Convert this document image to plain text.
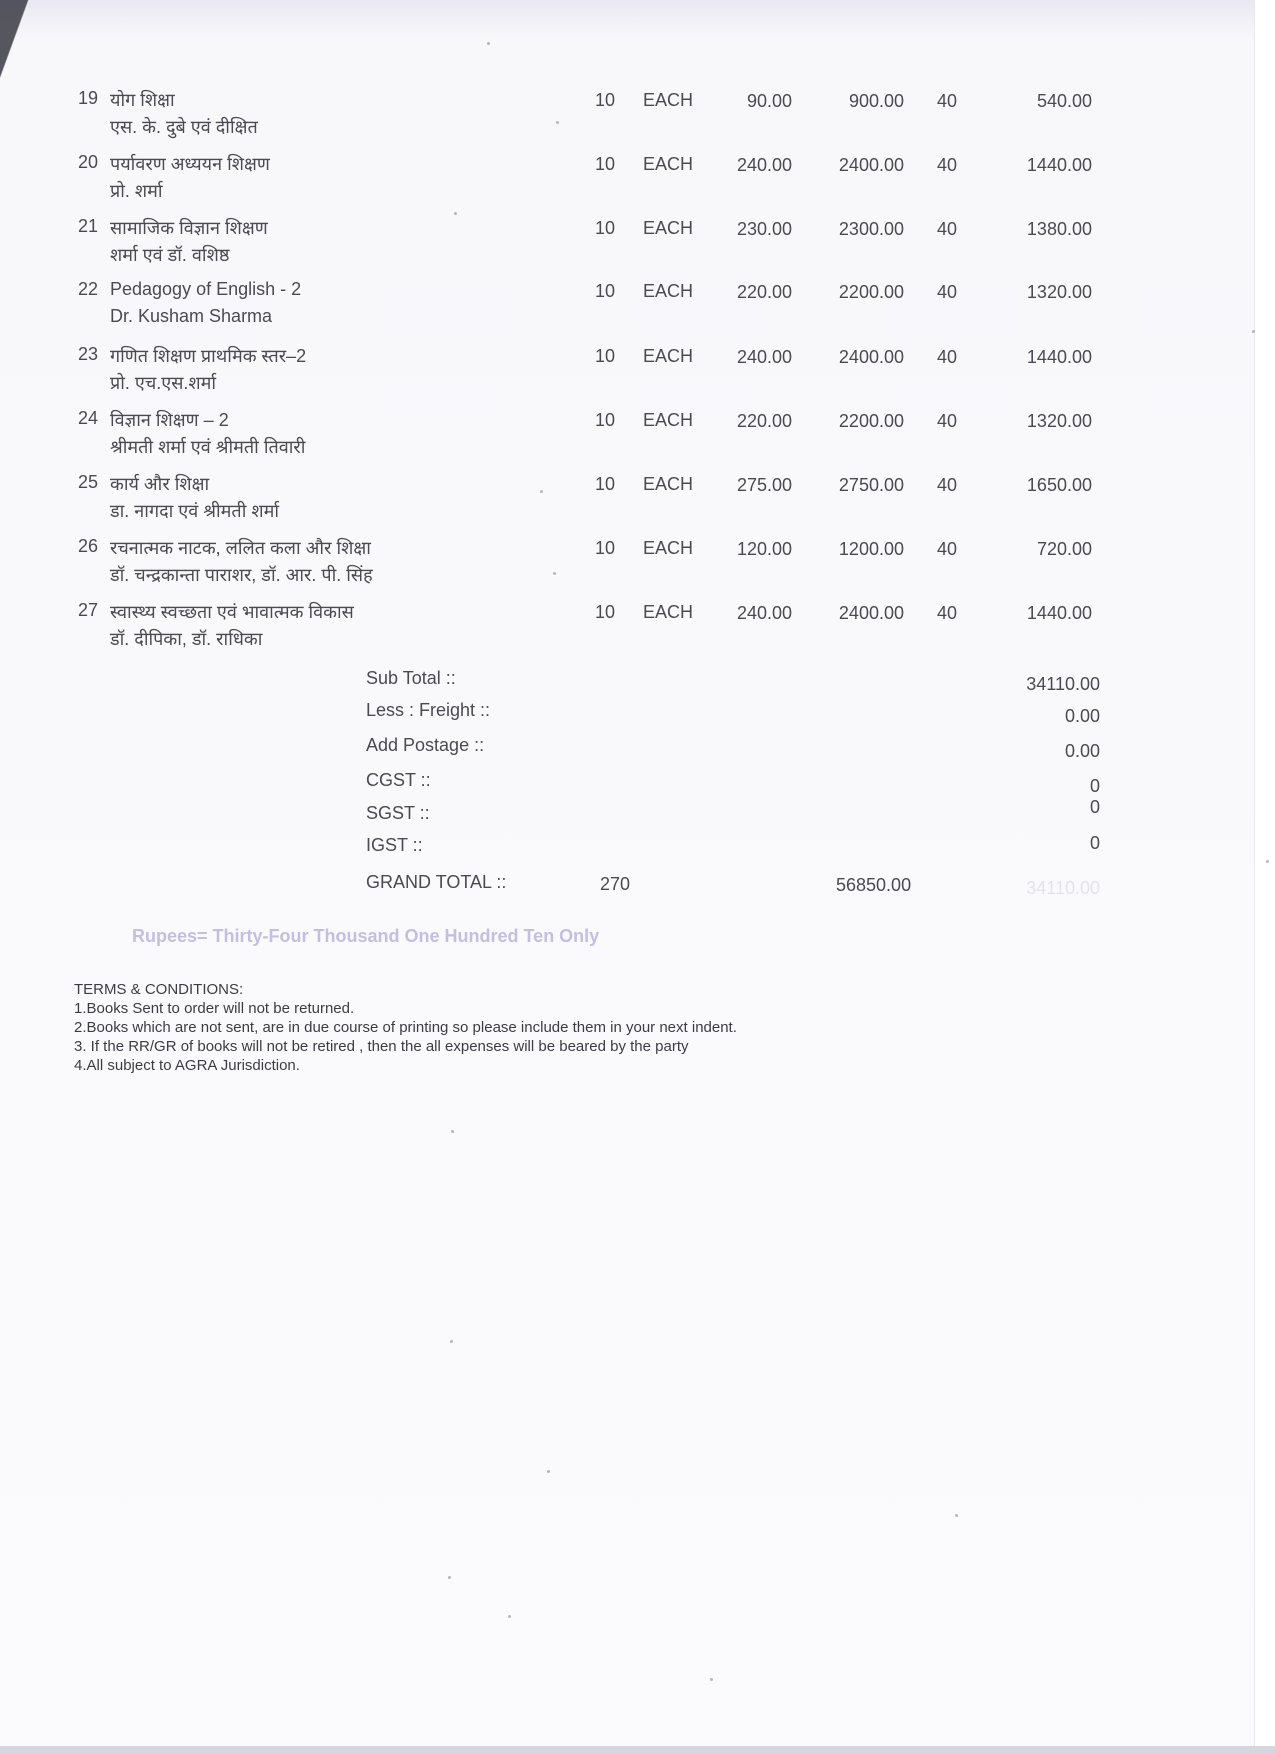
19 योग शिक्षा
एस. के. दुबे एवं दीक्षित
10 EACH	90.00	900.00 40	540.00
20 पर्यावरण अध्ययन शिक्षण
प्रो. शर्मा
10 EACH	240.00	2400.00 40	1440.00
21 सामाजिक विज्ञान शिक्षण
शर्मा एवं डॉ. वशिष्ठ
10 EACH	230.00	2300.00 40	1380.00
22 Pedagogy of English - 2
Dr. Kusham Sharma
10 EACH	220.00	2200.00 40	1320.00
23 गणित शिक्षण प्राथमिक स्तर–2
प्रो. एच.एस.शर्मा
10 EACH	240.00	2400.00 40	1440.00
24 विज्ञान शिक्षण – 2
श्रीमती शर्मा एवं श्रीमती तिवारी
10 EACH	220.00	2200.00 40	1320.00
25 कार्य और शिक्षा
डा. नागदा एवं श्रीमती शर्मा
10 EACH	275.00	2750.00 40	1650.00
26 रचनात्मक नाटक, ललित कला और शिक्षा
डॉ. चन्द्रकान्ता पाराशर, डॉ. आर. पी. सिंह
10 EACH	120.00	1200.00 40	720.00
27 स्वास्थ्य स्वच्छता एवं भावात्मक विकास
डॉ. दीपिका, डॉ. राधिका
10 EACH	240.00	2400.00 40	1440.00
Sub Total ::	34110.00
Less : Freight ::	0.00
Add Postage ::	0.00
CGST ::	0
SGST ::	0
IGST ::	0
GRAND TOTAL ::	270	56850.00	34110.00
Rupees= Thirty-Four Thousand One Hundred Ten Only
TERMS & CONDITIONS:
1.Books Sent to order will not be returned.
2.Books which are not sent, are in due course of printing so please include them in your next indent.
3. If the RR/GR of books will not be retired , then the all expenses will be beared by the party
4.All subject to AGRA Jurisdiction.
